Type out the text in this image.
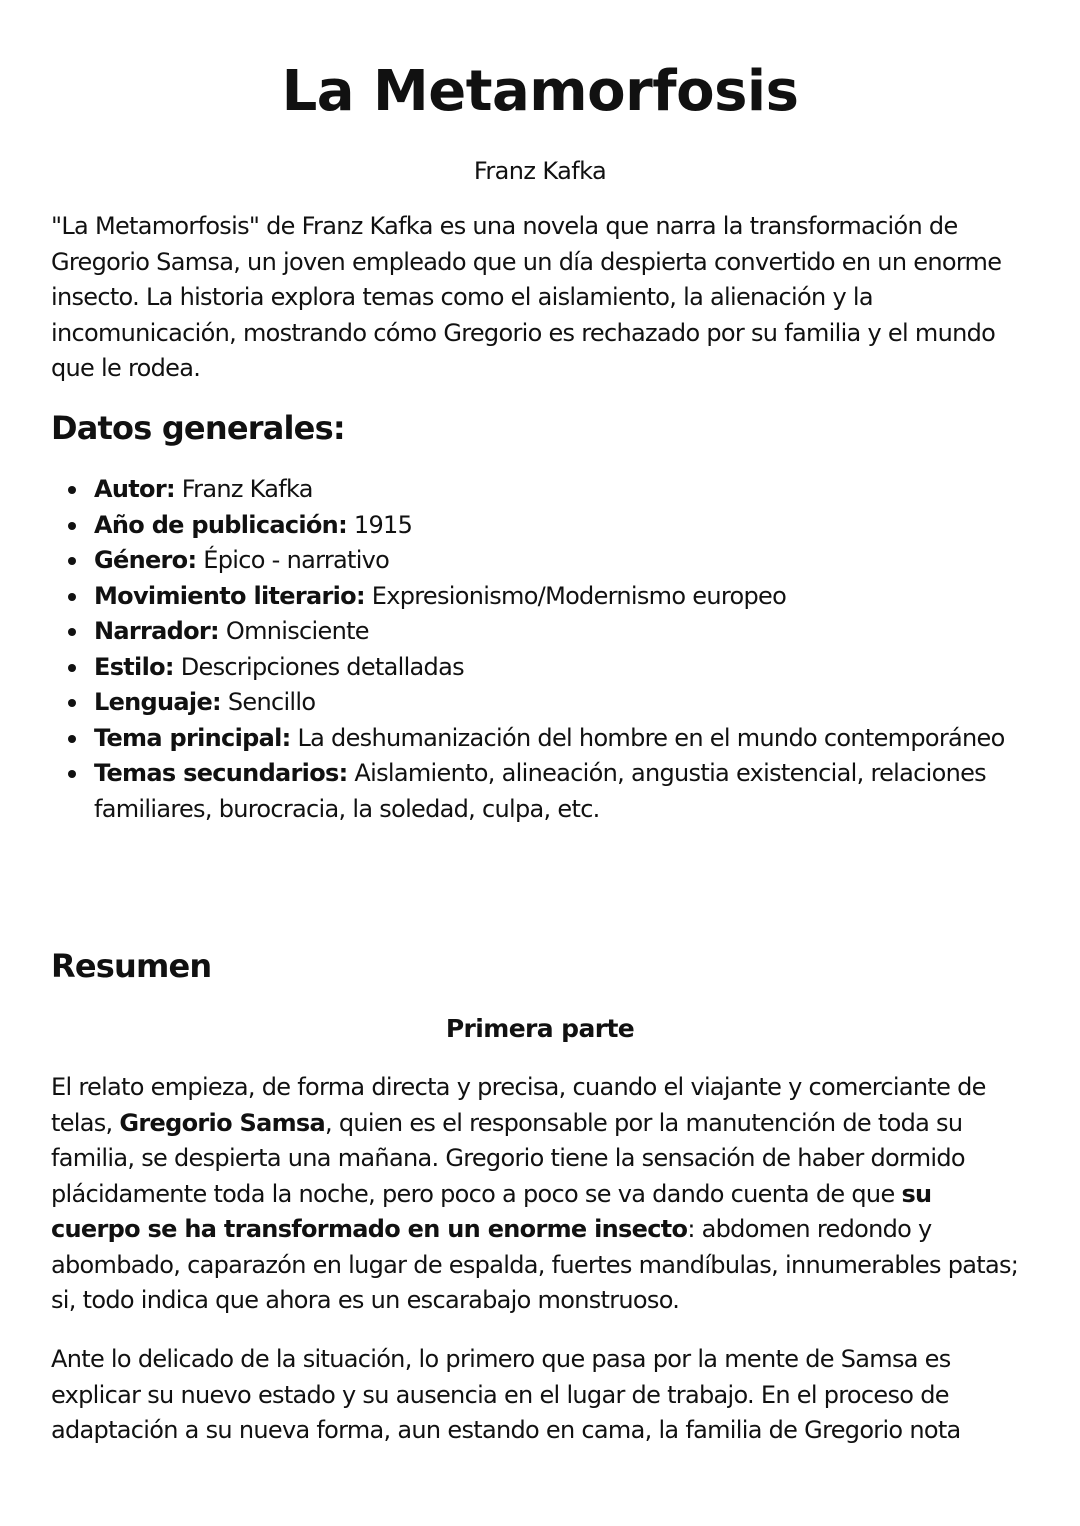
La Metamorfosis

Franz Kafka

"La Metamorfosis" de Franz Kafka es una novela que narra la transformación de Gregorio Samsa, un joven empleado que un día despierta convertido en un enorme insecto. La historia explora temas como el aislamiento, la alienación y la incomunicación, mostrando cómo Gregorio es rechazado por su familia y el mundo que le rodea.

Datos generales:
Autor: Franz Kafka
Año de publicación: 1915
Género: Épico - narrativo
Movimiento literario: Expresionismo/Modernismo europeo
Narrador: Omnisciente
Estilo: Descripciones detalladas
Lenguaje: Sencillo
Tema principal: La deshumanización del hombre en el mundo contemporáneo
Temas secundarios: Aislamiento, alineación, angustia existencial, relaciones familiares, burocracia, la soledad, culpa, etc.
Resumen
Primera parte

El relato empieza, de forma directa y precisa, cuando el viajante y comerciante de telas, Gregorio Samsa, quien es el responsable por la manutención de toda su familia, se despierta una mañana. Gregorio tiene la sensación de haber dormido plácidamente toda la noche, pero poco a poco se va dando cuenta de que su cuerpo se ha transformado en un enorme insecto: abdomen redondo y abombado, caparazón en lugar de espalda, fuertes mandíbulas, innumerables patas; si, todo indica que ahora es un escarabajo monstruoso.

Ante lo delicado de la situación, lo primero que pasa por la mente de Samsa es explicar su nuevo estado y su ausencia en el lugar de trabajo. En el proceso de adaptación a su nueva forma, aun estando en cama, la familia de Gregorio nota
